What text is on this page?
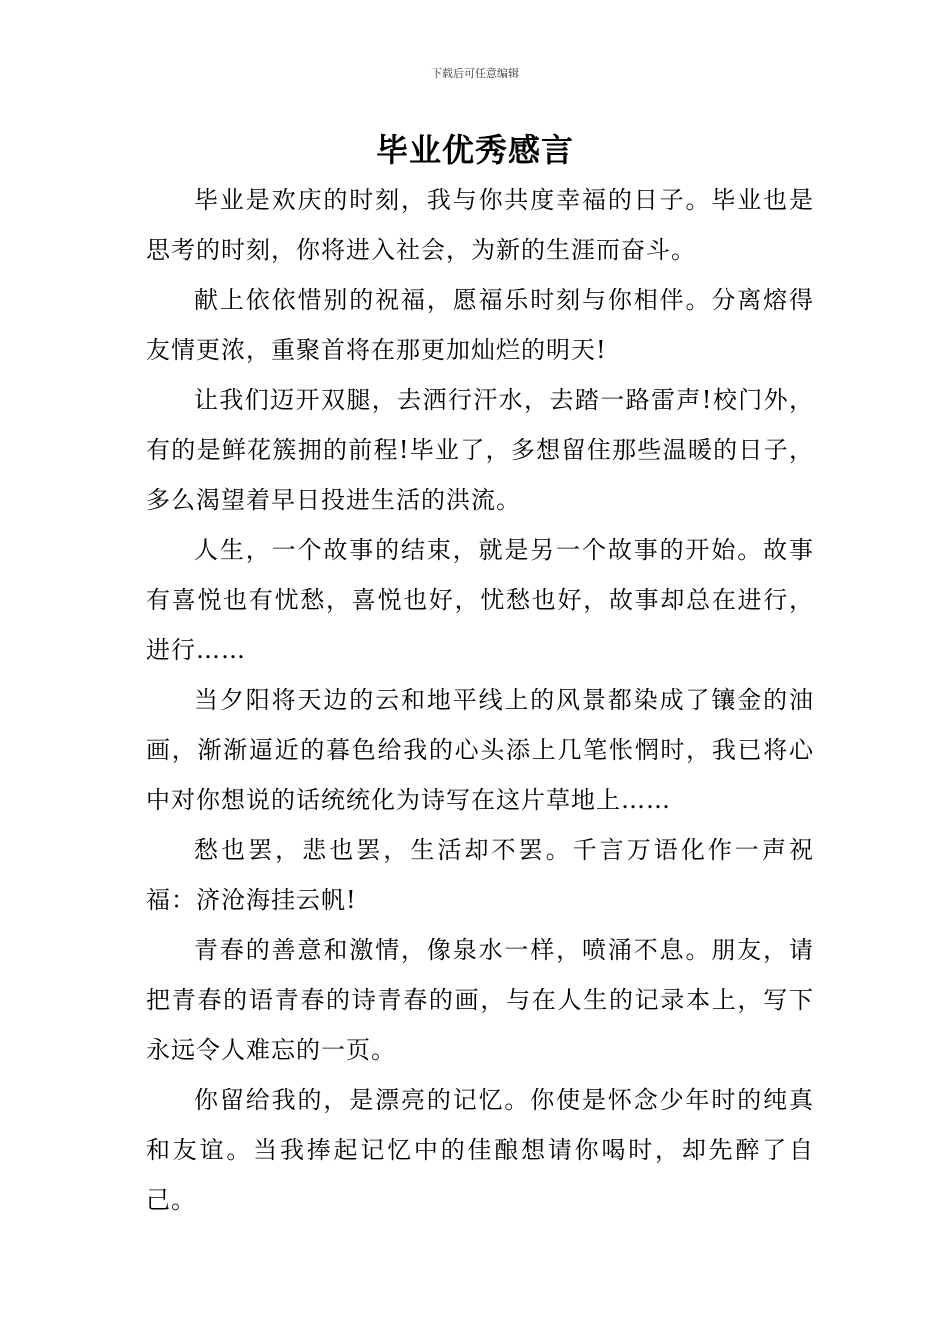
下载后可任意编辑
毕业优秀感言

毕业是欢庆的时刻，我与你共度幸福的日子。毕业也是思考的时刻，你将进入社会，为新的生涯而奋斗。

献上依依惜别的祝福，愿福乐时刻与你相伴。分离熔得友情更浓，重聚首将在那更加灿烂的明天!

让我们迈开双腿，去洒行汗水，去踏一路雷声!校门外，有的是鲜花簇拥的前程!毕业了，多想留住那些温暖的日子，多么渴望着早日投进生活的洪流。

人生，一个故事的结束，就是另一个故事的开始。故事有喜悦也有忧愁，喜悦也好，忧愁也好，故事却总在进行，进行……

当夕阳将天边的云和地平线上的风景都染成了镶金的油画，渐渐逼近的暮色给我的心头添上几笔怅惘时，我已将心中对你想说的话统统化为诗写在这片草地上……

愁也罢，悲也罢，生活却不罢。千言万语化作一声祝福：济沧海挂云帆!

青春的善意和激情，像泉水一样，喷涌不息。朋友，请把青春的语青春的诗青春的画，与在人生的记录本上，写下永远令人难忘的一页。

你留给我的，是漂亮的记忆。你使是怀念少年时的纯真和友谊。当我捧起记忆中的佳酿想请你喝时，却先醉了自己。
